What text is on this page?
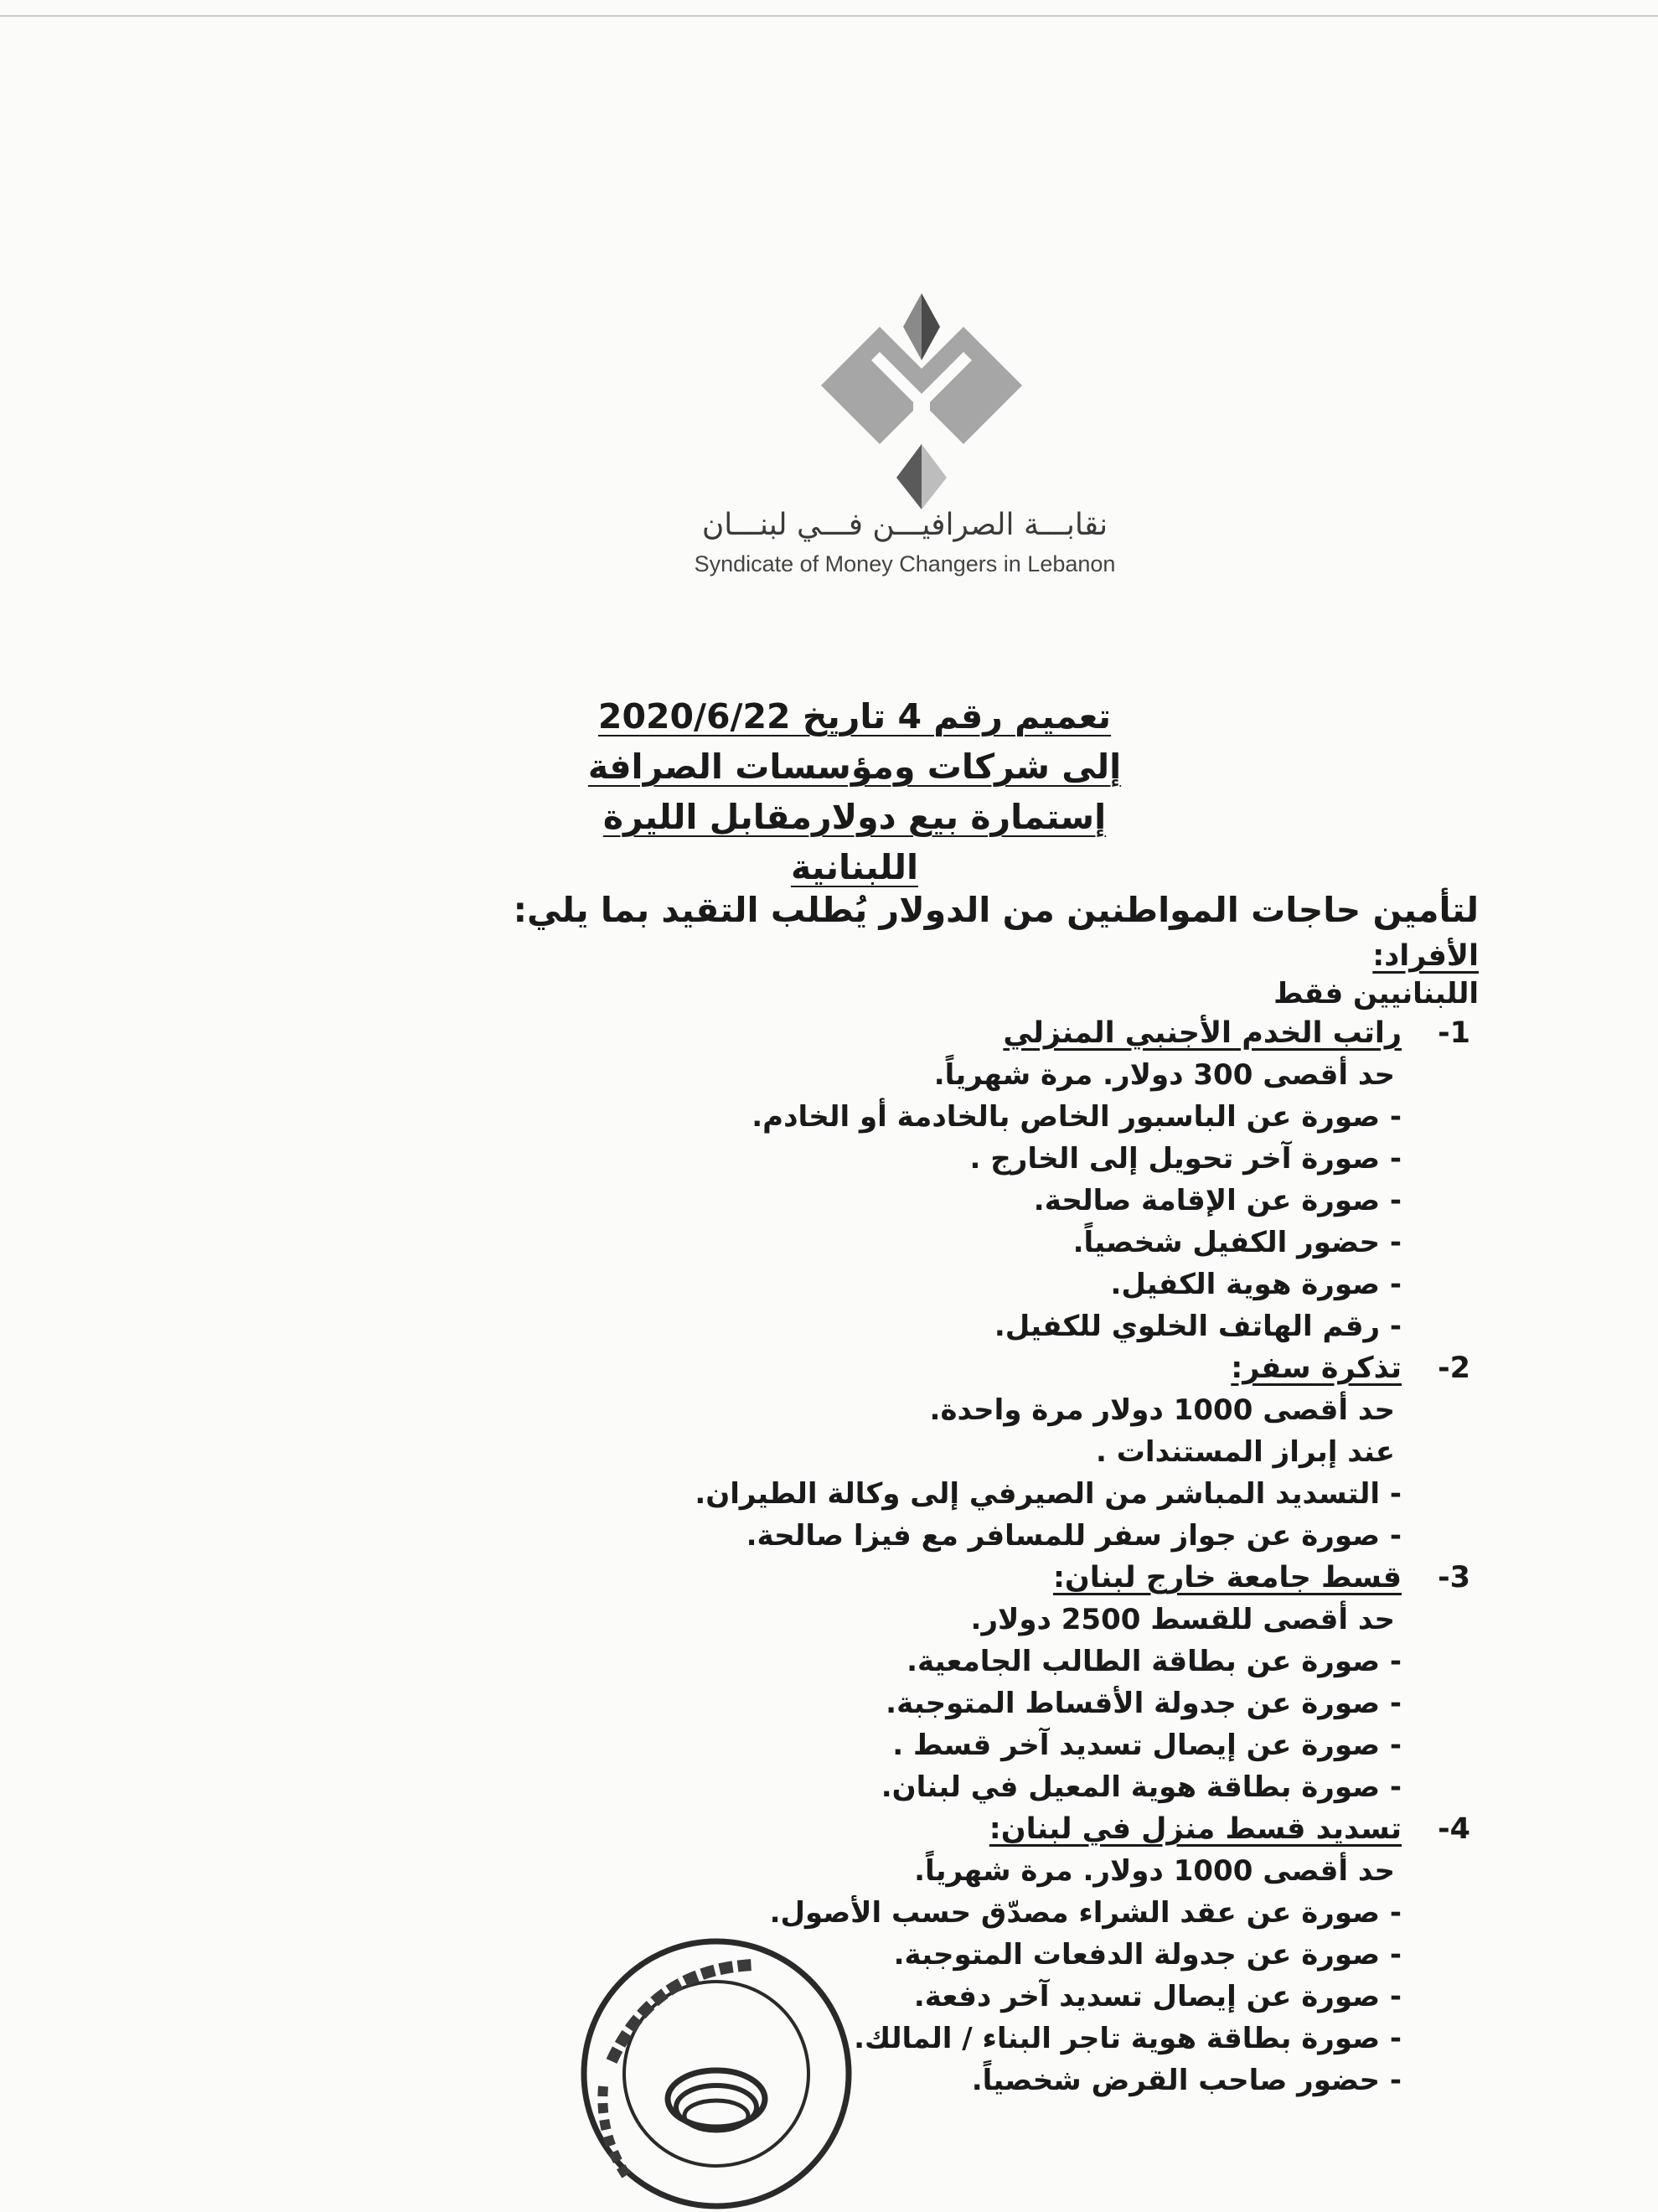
نقابـــة الصرافيـــن فـــي لبنـــان
Syndicate of Money Changers in Lebanon
تعميم رقم 4 تاريخ 2020/6/22
إلى شركات ومؤسسات الصرافة
إستمارة بيع دولارمقابل الليرة اللبنانية
لتأمين حاجات المواطنين من الدولار يُطلب التقيد بما يلي:
الأفراد:
اللبنانيين فقط
1-راتب الخدم الأجنبي المنزلي
حد أقصى 300 دولار. مرة شهرياً.
- صورة عن الباسبور الخاص بالخادمة أو الخادم.
- صورة آخر تحويل إلى الخارج .
- صورة عن الإقامة صالحة.
- حضور الكفيل شخصياً.
- صورة هوية الكفيل.
- رقم الهاتف الخلوي للكفيل.
2-تذكرة سفر:
حد أقصى 1000 دولار مرة واحدة.
عند إبراز المستندات .
- التسديد المباشر من الصيرفي إلى وكالة الطيران.
- صورة عن جواز سفر للمسافر مع فيزا صالحة.
3-قسط جامعة خارج لبنان:
حد أقصى للقسط 2500 دولار.
- صورة عن بطاقة الطالب الجامعية.
- صورة عن جدولة الأقساط المتوجبة.
- صورة عن إيصال تسديد آخر قسط .
- صورة بطاقة هوية المعيل في لبنان.
4-تسديد قسط منزل في لبنان:
حد أقصى 1000 دولار. مرة شهرياً.
- صورة عن عقد الشراء مصدّق حسب الأصول.
- صورة عن جدولة الدفعات المتوجبة.
- صورة عن إيصال تسديد آخر دفعة.
- صورة بطاقة هوية تاجر البناء / المالك.
- حضور صاحب القرض شخصياً.
